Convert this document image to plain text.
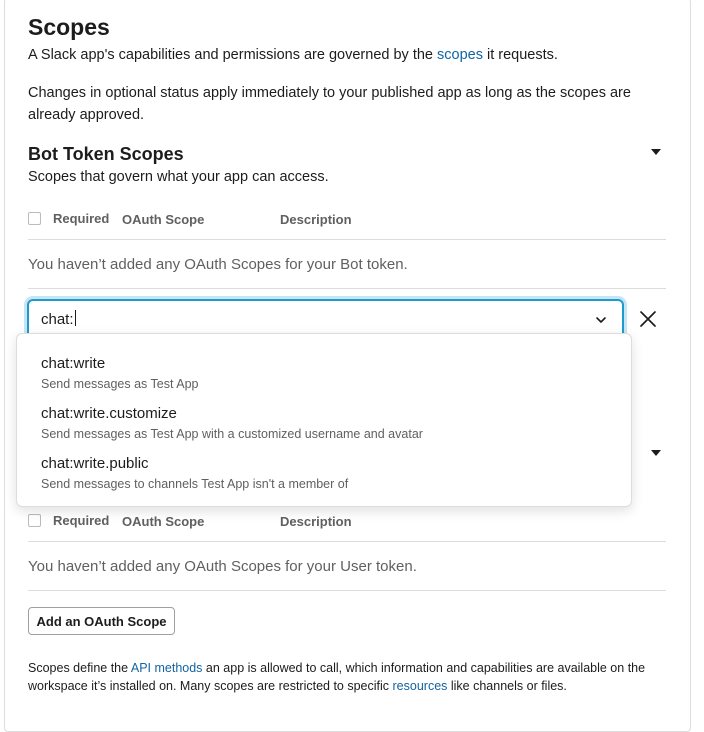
Scopes
A Slack app's capabilities and permissions are governed by the scopes it requests.
Changes in optional status apply immediately to your published app as long as the scopes are already approved.
Bot Token Scopes
Scopes that govern what your app can access.
Required OAuth Scope	Description
You haven’t added any OAuth Scopes for your Bot token.
Required OAuth Scope	Description
You haven’t added any OAuth Scopes for your User token.
Add an OAuth Scope
Scopes define the API methods an app is allowed to call, which information and capabilities are available on the workspace it’s installed on. Many scopes are restricted to specific resources like channels or files.
chat:
chat:write
Send messages as Test App
chat:write.customize
Send messages as Test App with a customized username and avatar
chat:write.public
Send messages to channels Test App isn't a member of
